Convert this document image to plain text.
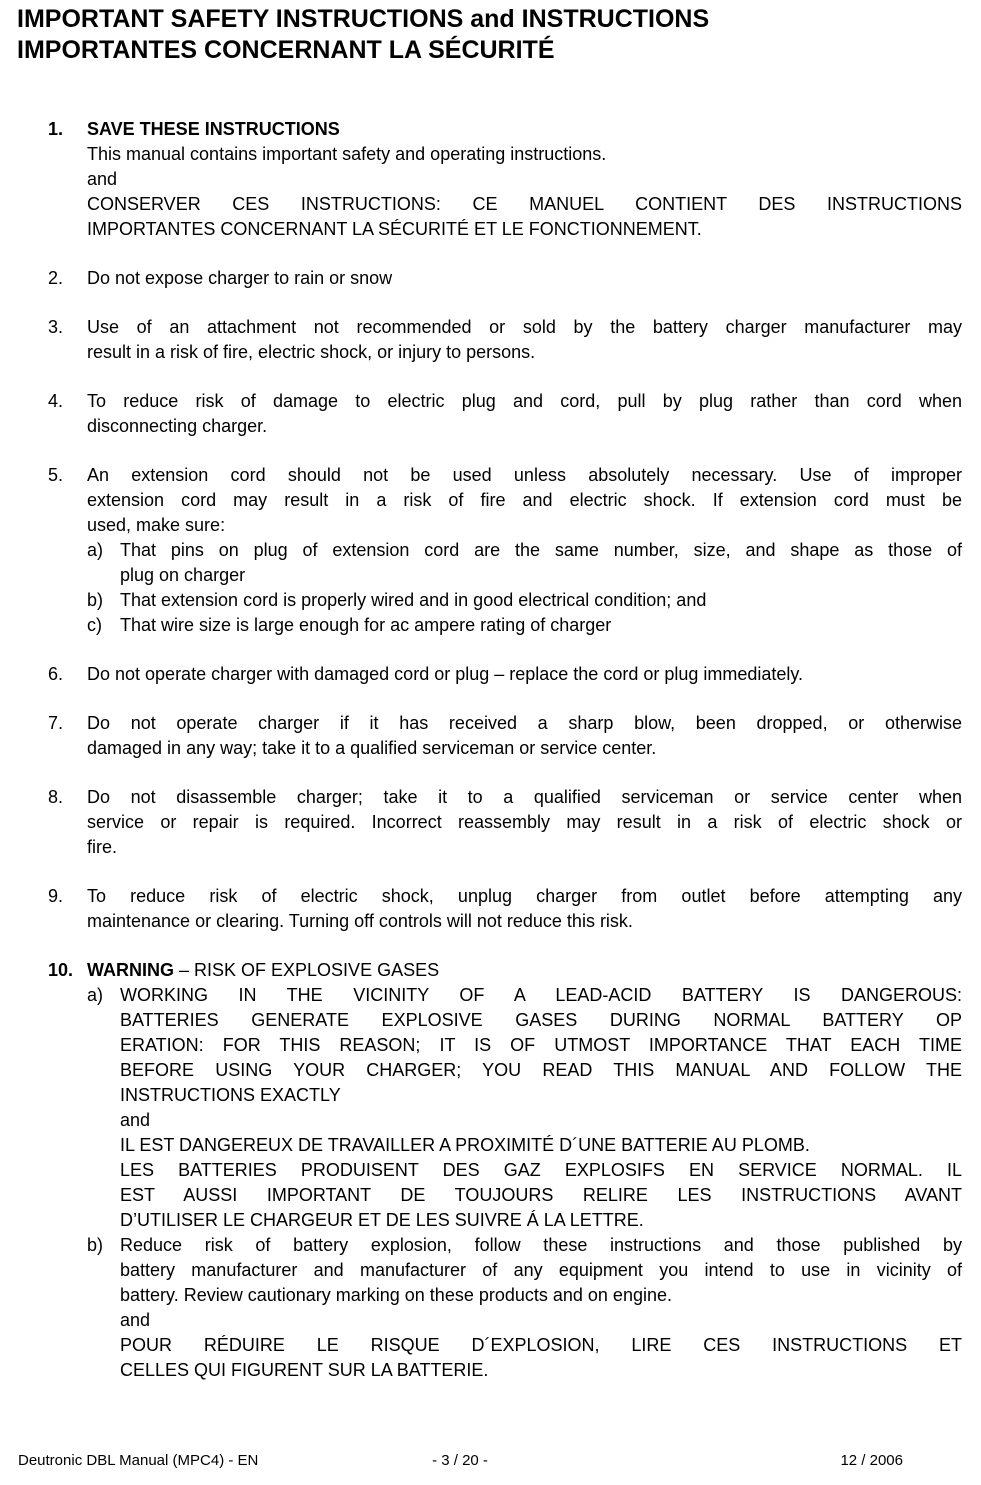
IMPORTANT SAFETY INSTRUCTIONS and INSTRUCTIONS
IMPORTANTES CONCERNANT LA SÉCURITÉ
1.	SAVE THESE INSTRUCTIONS
This manual contains important safety and operating instructions.
and
CONSERVER CES INSTRUCTIONS: CE MANUEL CONTIENT DES INSTRUCTIONS
IMPORTANTES CONCERNANT LA SÉCURITÉ ET LE FONCTIONNEMENT.
2.	Do not expose charger to rain or snow
3.	Use of an attachment not recommended or sold by the battery charger manufacturer may
result in a risk of fire, electric shock, or injury to persons.
4.	To reduce risk of damage to electric plug and cord, pull by plug rather than cord when
disconnecting charger.
5.	An extension cord should not be used unless absolutely necessary. Use of improper
extension cord may result in a risk of fire and electric shock. If extension cord must be
used, make sure:
a) That pins on plug of extension cord are the same number, size, and shape as those of
plug on charger
b) That extension cord is properly wired and in good electrical condition; and
c)	That wire size is large enough for ac ampere rating of charger
6.	Do not operate charger with damaged cord or plug – replace the cord or plug immediately.
7.	Do not operate charger if it has received a sharp blow, been dropped, or otherwise
damaged in any way; take it to a qualified serviceman or service center.
8.	Do not disassemble charger; take it to a qualified serviceman or service center when
service or repair is required. Incorrect reassembly may result in a risk of electric shock or
fire.
9.	To reduce risk of electric shock, unplug charger from outlet before attempting any
maintenance or clearing. Turning off controls will not reduce this risk.
10. WARNING – RISK OF EXPLOSIVE GASES
a) WORKING IN THE VICINITY OF A LEAD-ACID BATTERY IS DANGEROUS:
BATTERIES GENERATE EXPLOSIVE GASES DURING NORMAL BATTERY OP
ERATION: FOR THIS REASON; IT IS OF UTMOST IMPORTANCE THAT EACH TIME
BEFORE USING YOUR CHARGER; YOU READ THIS MANUAL AND FOLLOW THE
INSTRUCTIONS EXACTLY
and
IL EST DANGEREUX DE TRAVAILLER A PROXIMITÉ D´UNE BATTERIE AU PLOMB.
LES BATTERIES PRODUISENT DES GAZ EXPLOSIFS EN SERVICE NORMAL. IL
EST AUSSI IMPORTANT DE TOUJOURS RELIRE LES INSTRUCTIONS AVANT
D’UTILISER LE CHARGEUR ET DE LES SUIVRE Á LA LETTRE.
b) Reduce risk of battery explosion, follow these instructions and those published by
battery manufacturer and manufacturer of any equipment you intend to use in vicinity of
battery. Review cautionary marking on these products and on engine.
and
POUR RÉDUIRE LE RISQUE D´EXPLOSION, LIRE CES INSTRUCTIONS ET
CELLES QUI FIGURENT SUR LA BATTERIE.
Deutronic DBL Manual (MPC4) - EN	- 3 / 20 -	12 / 2006
